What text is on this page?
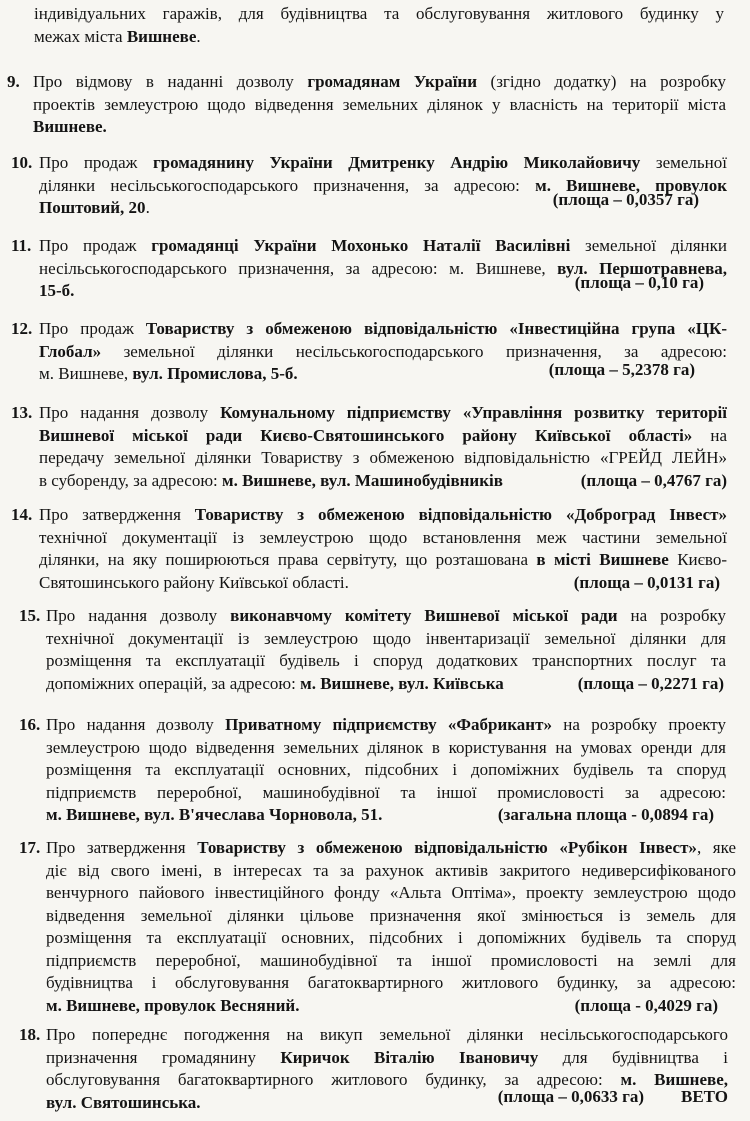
індивідуальних гаражів, для будівництва та обслуговування житлового будинку у
межах міста Вишневе.
9. Про відмову в наданні дозволу громадянам України (згідно додатку) на розробку
проектів землеустрою щодо відведення земельних ділянок у власність на території міста
Вишневе.
10. Про продаж громадянину України Дмитренку Андрію Миколайовичу земельної
ділянки несільськогосподарського призначення, за адресою: м. Вишневе, провулок
Поштовий, 20.	(площа – 0,0357 га)
11. Про продаж громадянці України Мохонько Наталії Василівні земельної ділянки
несільськогосподарського призначення, за адресою: м. Вишневе, вул. Першотравнева,
15-б.	(площа – 0,10 га)
12. Про продаж Товариству з обмеженою відповідальністю «Інвестиційна група «ЦК-
Глобал» земельної ділянки несільськогосподарського призначення, за адресою:
м. Вишневе, вул. Промислова, 5-б.	(площа – 5,2378 га)
13. Про надання дозволу Комунальному підприємству «Управління розвитку території
Вишневої міської ради Києво-Святошинського району Київської області» на
передачу земельної ділянки Товариству з обмеженою відповідальністю «ГРЕЙД ЛЕЙН»
в суборенду, за адресою: м. Вишневе, вул. Машинобудівників	(площа – 0,4767 га)
14. Про затвердження Товариству з обмеженою відповідальністю «Доброград Інвест»
технічної документації із землеустрою щодо встановлення меж частини земельної
ділянки, на яку поширюються права сервітуту, що розташована в місті Вишневе Києво-
Святошинського району Київської області.	(площа – 0,0131 га)
15. Про надання дозволу виконавчому комітету Вишневої міської ради на розробку
технічної документації із землеустрою щодо інвентаризації земельної ділянки для
розміщення та експлуатації будівель і споруд додаткових транспортних послуг та
допоміжних операцій, за адресою: м. Вишневе, вул. Київська	(площа – 0,2271 га)
16. Про надання дозволу Приватному підприємству «Фабрикант» на розробку проекту
землеустрою щодо відведення земельних ділянок в користування на умовах оренди для
розміщення та експлуатації основних, підсобних і допоміжних будівель та споруд
підприємств переробної, машинобудівної та іншої промисловості за адресою:
м. Вишневе, вул. В'ячеслава Чорновола, 51.	(загальна площа - 0,0894 га)
17. Про затвердження Товариству з обмеженою відповідальністю «Рубікон Інвест», яке
діє від свого імені, в інтересах та за рахунок активів закритого недиверсифікованого
венчурного пайового інвестиційного фонду «Альта Оптіма», проекту землеустрою щодо
відведення земельної ділянки цільове призначення якої змінюється із земель для
розміщення та експлуатації основних, підсобних і допоміжних будівель та споруд
підприємств переробної, машинобудівної та іншої промисловості на землі для
будівництва і обслуговування багатоквартирного житлового будинку, за адресою:
м. Вишневе, провулок Весняний.	(площа - 0,4029 га)
18. Про попереднє погодження на викуп земельної ділянки несільськогосподарського
призначення громадянину Киричок Віталію Івановичу для будівництва і
обслуговування багатоквартирного житлового будинку, за адресою: м. Вишневе,
вул. Святошинська.	(площа – 0,0633 га) ВЕТО
